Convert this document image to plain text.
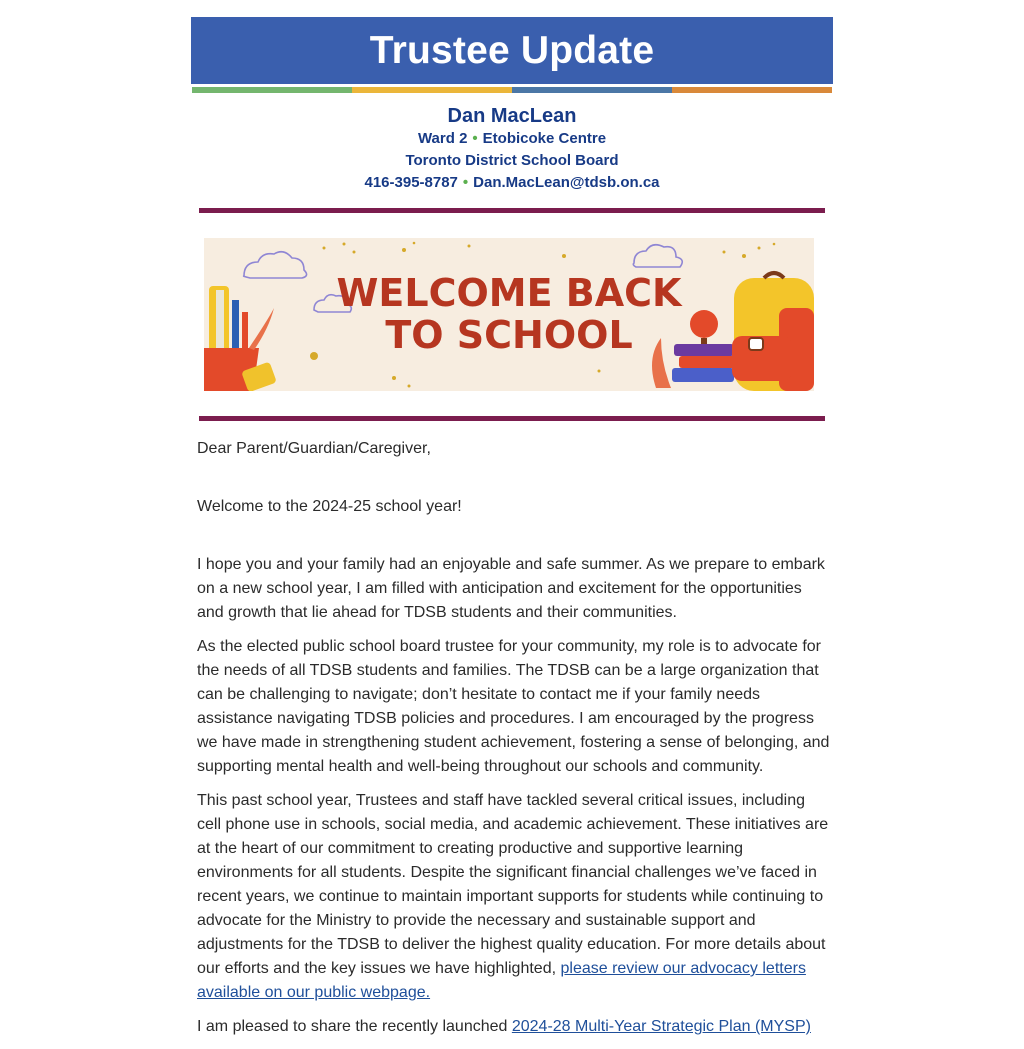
Trustee Update
Dan MacLean
Ward 2 • Etobicoke Centre
Toronto District School Board
416-395-8787 • Dan.MacLean@tdsb.on.ca
WELCOME BACK
TO SCHOOL

Dear Parent/Guardian/Caregiver,

Welcome to the 2024-25 school year!

I hope you and your family had an enjoyable and safe summer. As we prepare to embark on a new school year, I am filled with anticipation and excitement for the opportunities and growth that lie ahead for TDSB students and their communities.

As the elected public school board trustee for your community, my role is to advocate for the needs of all TDSB students and families. The TDSB can be a large organization that can be challenging to navigate; don’t hesitate to contact me if your family needs assistance navigating TDSB policies and procedures. I am encouraged by the progress we have made in strengthening student achievement, fostering a sense of belonging, and supporting mental health and well-being throughout our schools and community.

This past school year, Trustees and staff have tackled several critical issues, including cell phone use in schools, social media, and academic achievement. These initiatives are at the heart of our commitment to creating productive and supportive learning environments for all students. Despite the significant financial challenges we’ve faced in recent years, we continue to maintain important supports for students while continuing to advocate for the Ministry to provide the necessary and sustainable support and adjustments for the TDSB to deliver the highest quality education. For more details about our efforts and the key issues we have highlighted, please review our advocacy letters available on our public webpage.

I am pleased to share the recently launched 2024-28 Multi-Year Strategic Plan (MYSP)
